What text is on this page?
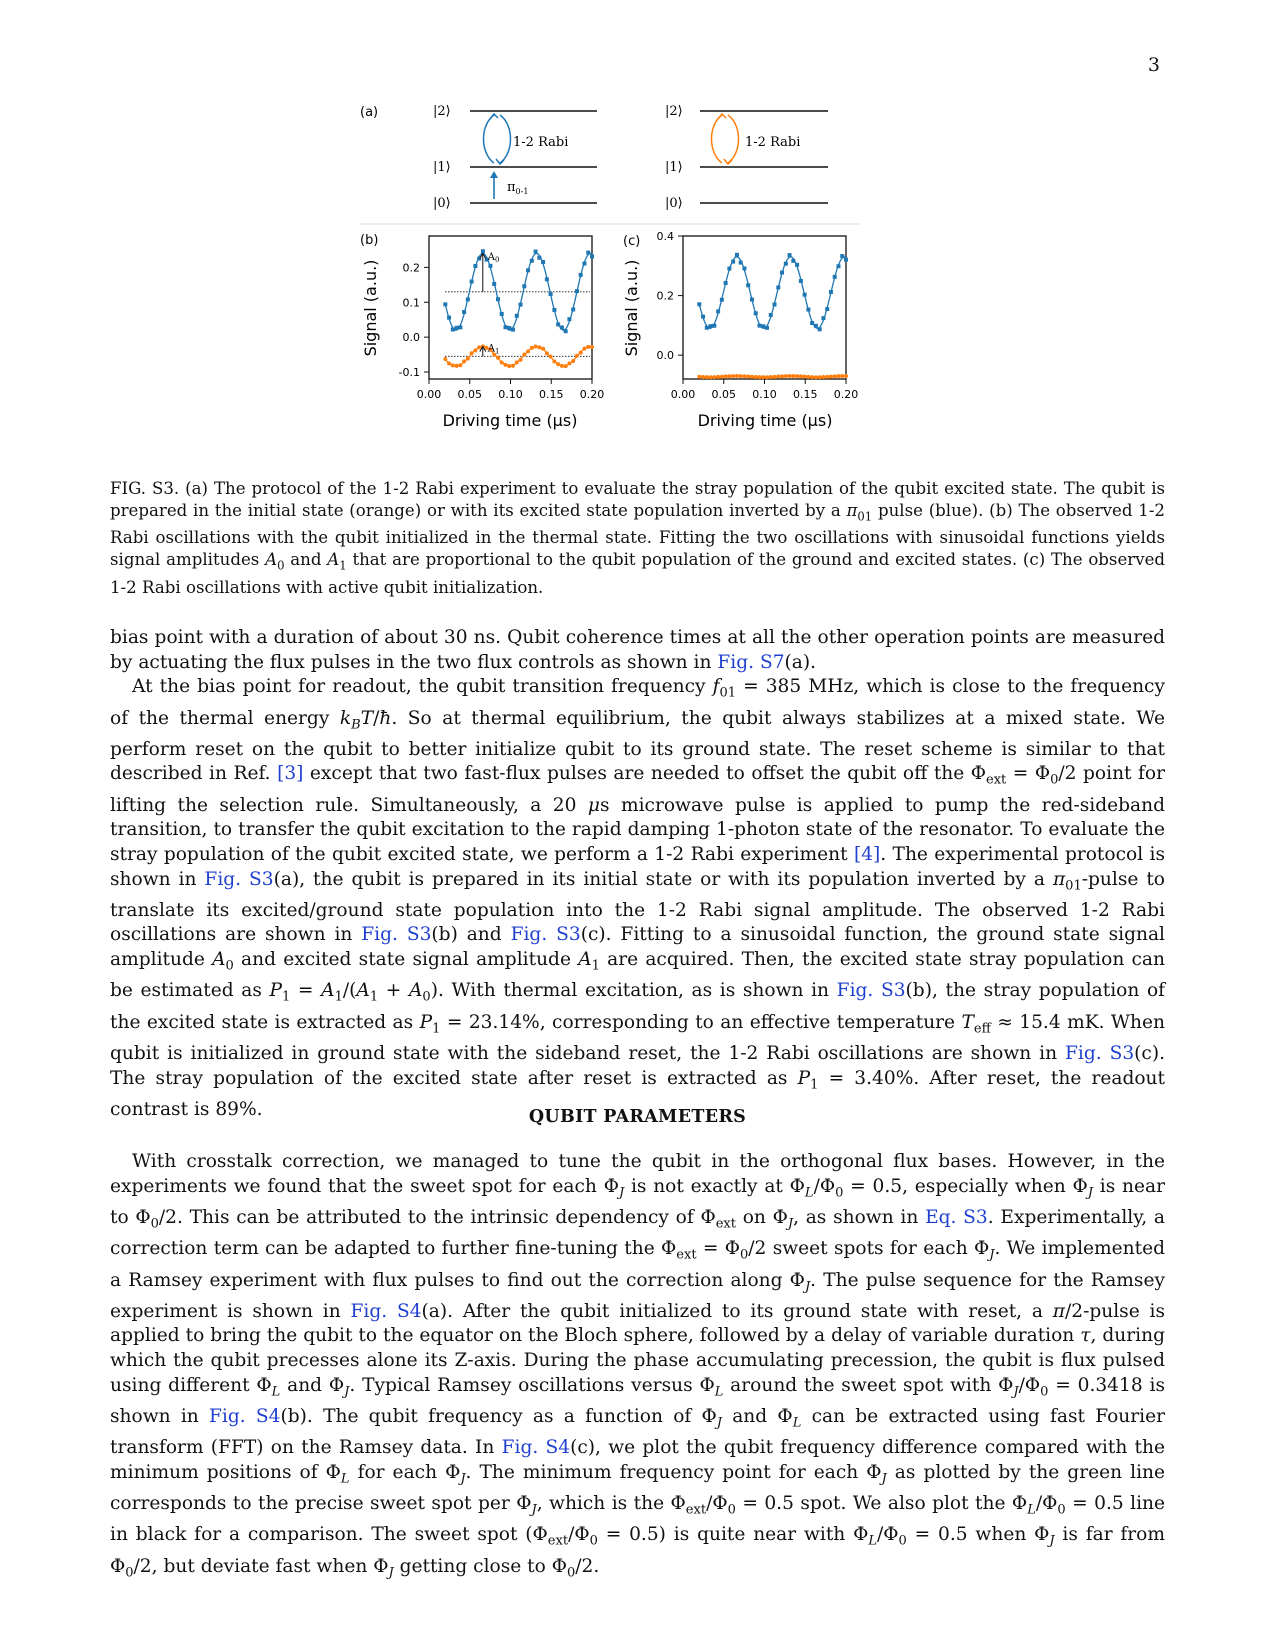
3
(a)
(b)	(c)
|2⟩
|1⟩
|0⟩
1-2 Rabi
$\pi_{0-1}$
|2⟩
|1⟩
|0⟩
1-2 Rabi
0.00 0.05 0.10 0.15 0.20
-0.1
0.0
0.1
0.2
$A_0$
$A_1$
Driving time (μs)
Signal (a.u.)
0.00 0.05 0.10 0.15 0.20
0.0
0.2
0.4
Driving time (μs)
Signal (a.u.)
FIG. S3. (a) The protocol of the 1-2 Rabi experiment to evaluate the stray population of the qubit excited state. The qubit is prepared in the initial state (orange) or with its excited state population inverted by a $\pi_{01}$ pulse (blue). (b) The observed 1-2 Rabi oscillations with the qubit initialized in the thermal state. Fitting the two oscillations with sinusoidal functions yields signal amplitudes $A_0$ and $A_1$ that are proportional to the qubit population of the ground and excited states. (c) The observed 1-2 Rabi oscillations with active qubit initialization.

bias point with a duration of about 30 ns. Qubit coherence times at all the other operation points are measured by actuating the flux pulses in the two flux controls as shown in Fig. S7(a).

At the bias point for readout, the qubit transition frequency $f_{01} = 385$ MHz, which is close to the frequency of the thermal energy $k_BT/ħ$. So at thermal equilibrium, the qubit always stabilizes at a mixed state. We perform reset on the qubit to better initialize qubit to its ground state. The reset scheme is similar to that described in Ref. [3] except that two fast-flux pulses are needed to offset the qubit off the $\Phi_{ext} = \Phi_0/2$ point for lifting the selection rule. Simultaneously, a 20 μs microwave pulse is applied to pump the red-sideband transition, to transfer the qubit excitation to the rapid damping 1-photon state of the resonator. To evaluate the stray population of the qubit excited state, we perform a 1-2 Rabi experiment [4]. The experimental protocol is shown in Fig. S3(a), the qubit is prepared in its initial state or with its population inverted by a $\pi_{01}$-pulse to translate its excited/ground state population into the 1-2 Rabi signal amplitude. The observed 1-2 Rabi oscillations are shown in Fig. S3(b) and Fig. S3(c). Fitting to a sinusoidal function, the ground state signal amplitude $A_0$ and excited state signal amplitude $A_1$ are acquired. Then, the excited state stray population can be estimated as $P_1 = A_1/(A_1 + A_0)$. With thermal excitation, as is shown in Fig. S3(b), the stray population of the excited state is extracted as $P_1 = 23.14\%$, corresponding to an effective temperature $T_{eff} \approx 15.4$ mK. When qubit is initialized in ground state with the sideband reset, the 1-2 Rabi oscillations are shown in Fig. S3(c). The stray population of the excited state after reset is extracted as $P_1 = 3.40\%$. After reset, the readout contrast is 89%.	QUBIT PARAMETERS

With crosstalk correction, we managed to tune the qubit in the orthogonal flux bases. However, in the experiments we found that the sweet spot for each $\Phi_J$ is not exactly at $\Phi_L/\Phi_0 = 0.5$, especially when $\Phi_J$ is near to $\Phi_0/2$. This can be attributed to the intrinsic dependency of $\Phi_{ext}$ on $\Phi_J$, as shown in Eq. S3. Experimentally, a correction term can be adapted to further fine-tuning the $\Phi_{ext} = \Phi_0/2$ sweet spots for each $\Phi_J$. We implemented a Ramsey experiment with flux pulses to find out the correction along $\Phi_J$. The pulse sequence for the Ramsey experiment is shown in Fig. S4(a). After the qubit initialized to its ground state with reset, a π/2-pulse is applied to bring the qubit to the equator on the Bloch sphere, followed by a delay of variable duration τ, during which the qubit precesses alone its Z-axis. During the phase accumulating precession, the qubit is flux pulsed using different $\Phi_L$ and $\Phi_J$. Typical Ramsey oscillations versus $\Phi_L$ around the sweet spot with $\Phi_J/\Phi_0 = 0.3418$ is shown in Fig. S4(b). The qubit frequency as a function of $\Phi_J$ and $\Phi_L$ can be extracted using fast Fourier transform (FFT) on the Ramsey data. In Fig. S4(c), we plot the qubit frequency difference compared with the minimum positions of $\Phi_L$ for each $\Phi_J$. The minimum frequency point for each $\Phi_J$ as plotted by the green line corresponds to the precise sweet spot per $\Phi_J$, which is the $\Phi_{ext}/\Phi_0 = 0.5$ spot. We also plot the $\Phi_L/\Phi_0 = 0.5$ line in black for a comparison. The sweet spot $(\Phi_{ext}/\Phi_0 = 0.5)$ is quite near with $\Phi_L/\Phi_0 = 0.5$ when $\Phi_J$ is far from $\Phi_0/2$, but deviate fast when $\Phi_J$ getting close to $\Phi_0/2$.
